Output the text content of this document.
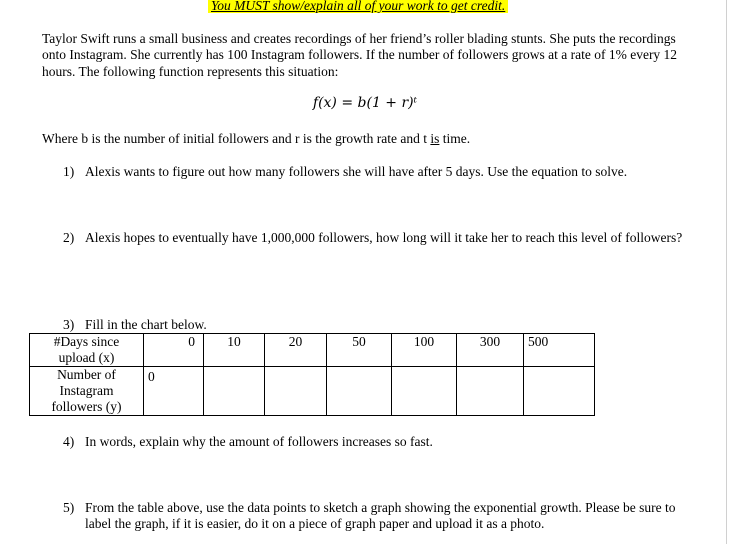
You MUST show/explain all of your work to get credit.
Taylor Swift runs a small business and creates recordings of her friend’s roller blading stunts. She puts the recordings onto Instagram. She currently has 100 Instagram followers. If the number of followers grows at a rate of 1% every 12 hours. The following function represents this situation:
f(x) = b(1 + r)ᵗ
Where b is the number of initial followers and r is the growth rate and t is time.
1) Alexis wants to figure out how many followers she will have after 5 days. Use the equation to solve.
2) Alexis hopes to eventually have 1,000,000 followers, how long will it take her to reach this level of followers?
3) Fill in the chart below.
#Days since upload (x)	0	10	20	50	100	300	500
Number of Instagram followers (y)	0						
4) In words, explain why the amount of followers increases so fast.
5) From the table above, use the data points to sketch a graph showing the exponential growth. Please be sure to label the graph, if it is easier, do it on a piece of graph paper and upload it as a photo.
